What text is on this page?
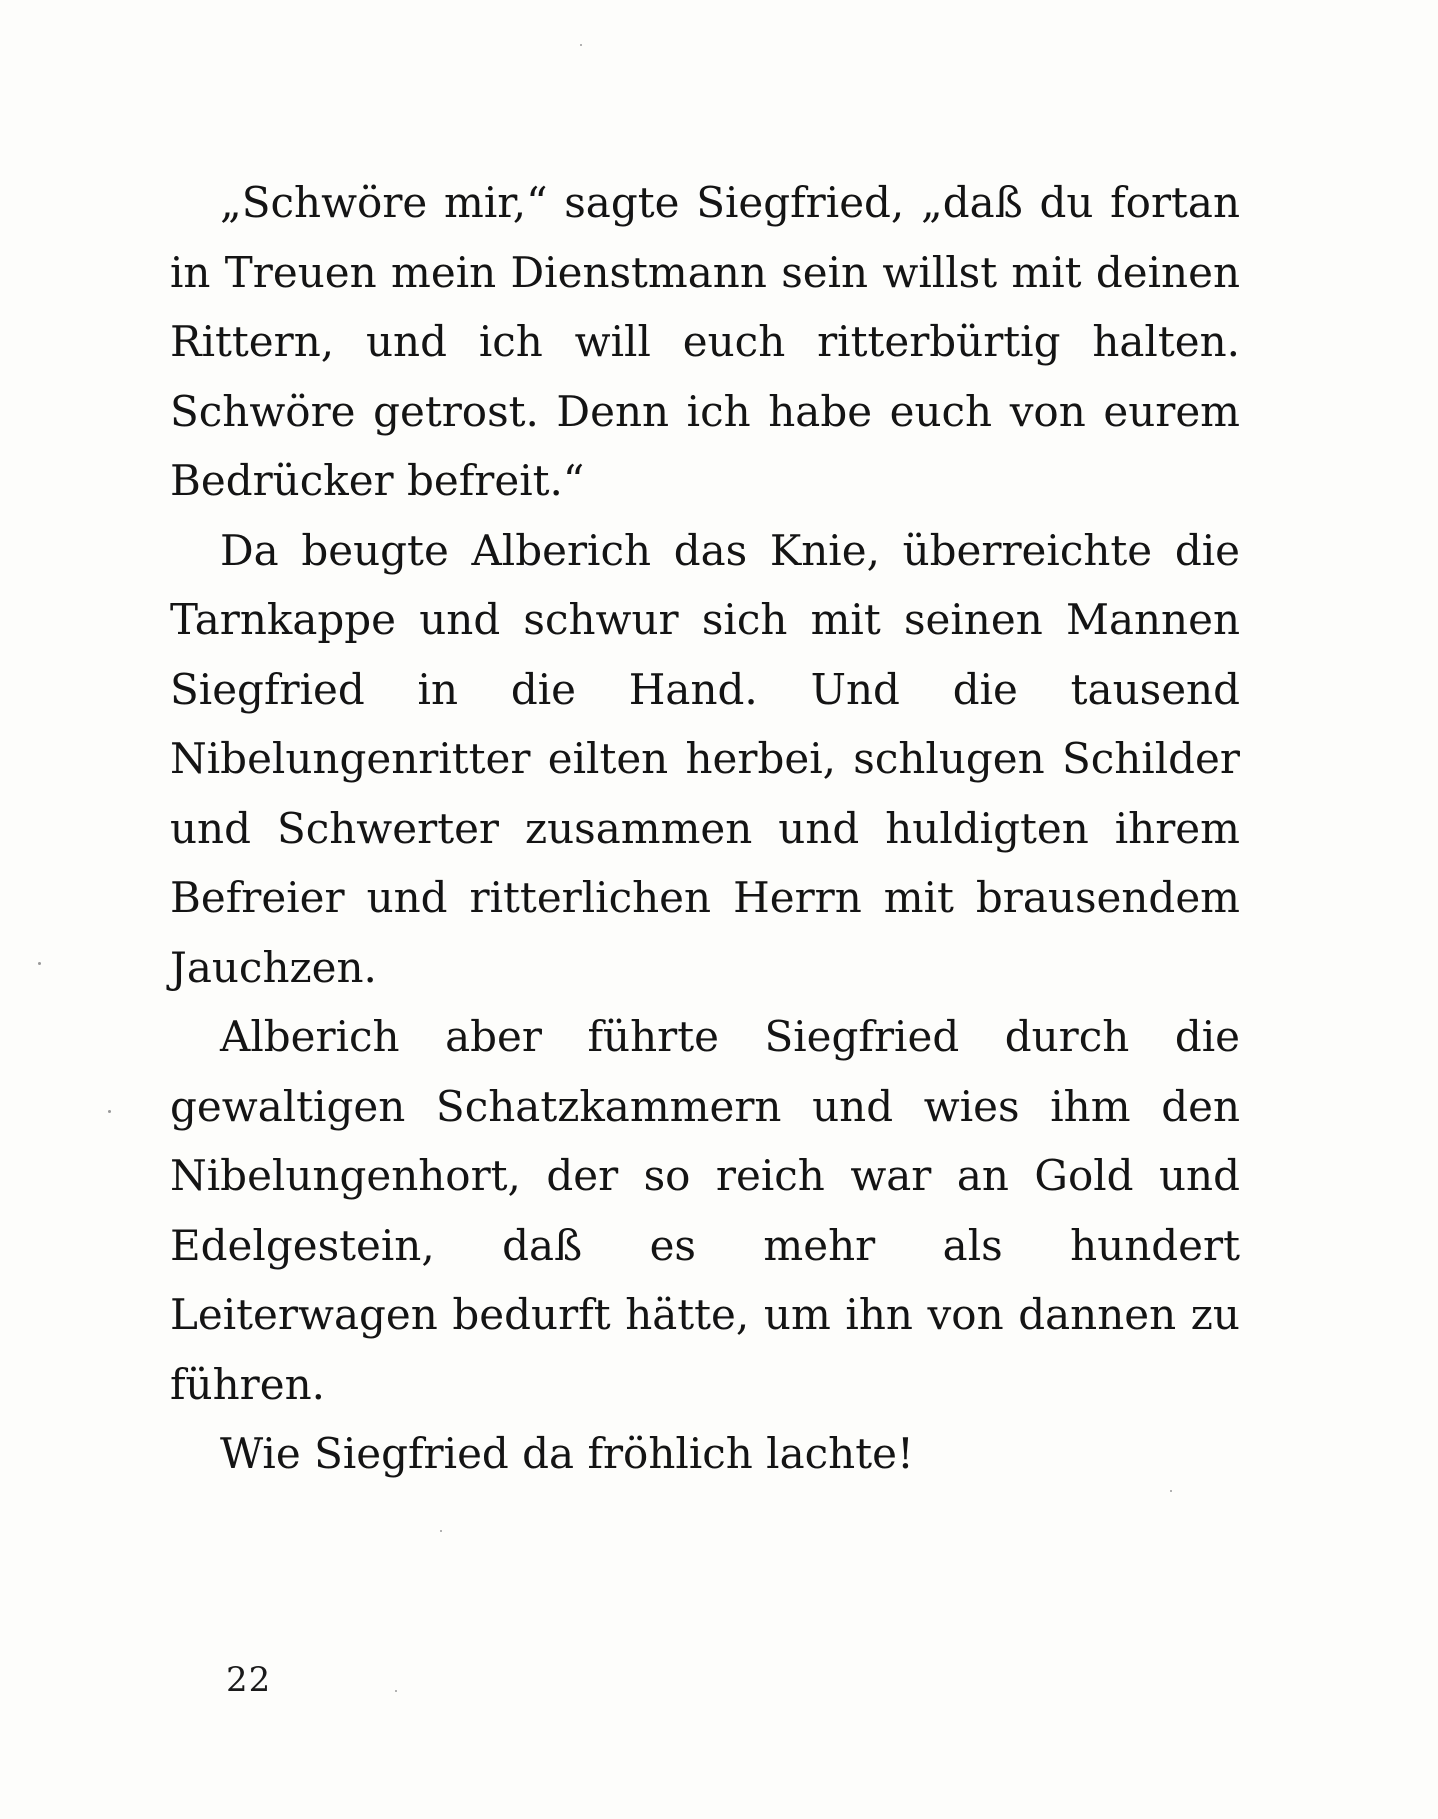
„Schwöre mir,“ sagte Siegfried, „daß du fortan in Treuen mein Dienstmann sein willst mit deinen Rittern, und ich will euch ritterbürtig halten. Schwöre getrost. Denn ich habe euch von eurem Bedrücker befreit.“

Da beugte Alberich das Knie, überreichte die Tarnkappe und schwur sich mit seinen Mannen Siegfried in die Hand. Und die tausend Nibelungenritter eilten herbei, schlugen Schilder und Schwerter zusammen und huldigten ihrem Befreier und ritterlichen Herrn mit brausendem Jauchzen.

Alberich aber führte Siegfried durch die gewaltigen Schatzkammern und wies ihm den Nibelungenhort, der so reich war an Gold und Edelgestein, daß es mehr als hundert Leiterwagen bedurft hätte, um ihn von dannen zu führen.

Wie Siegfried da fröhlich lachte!

22
